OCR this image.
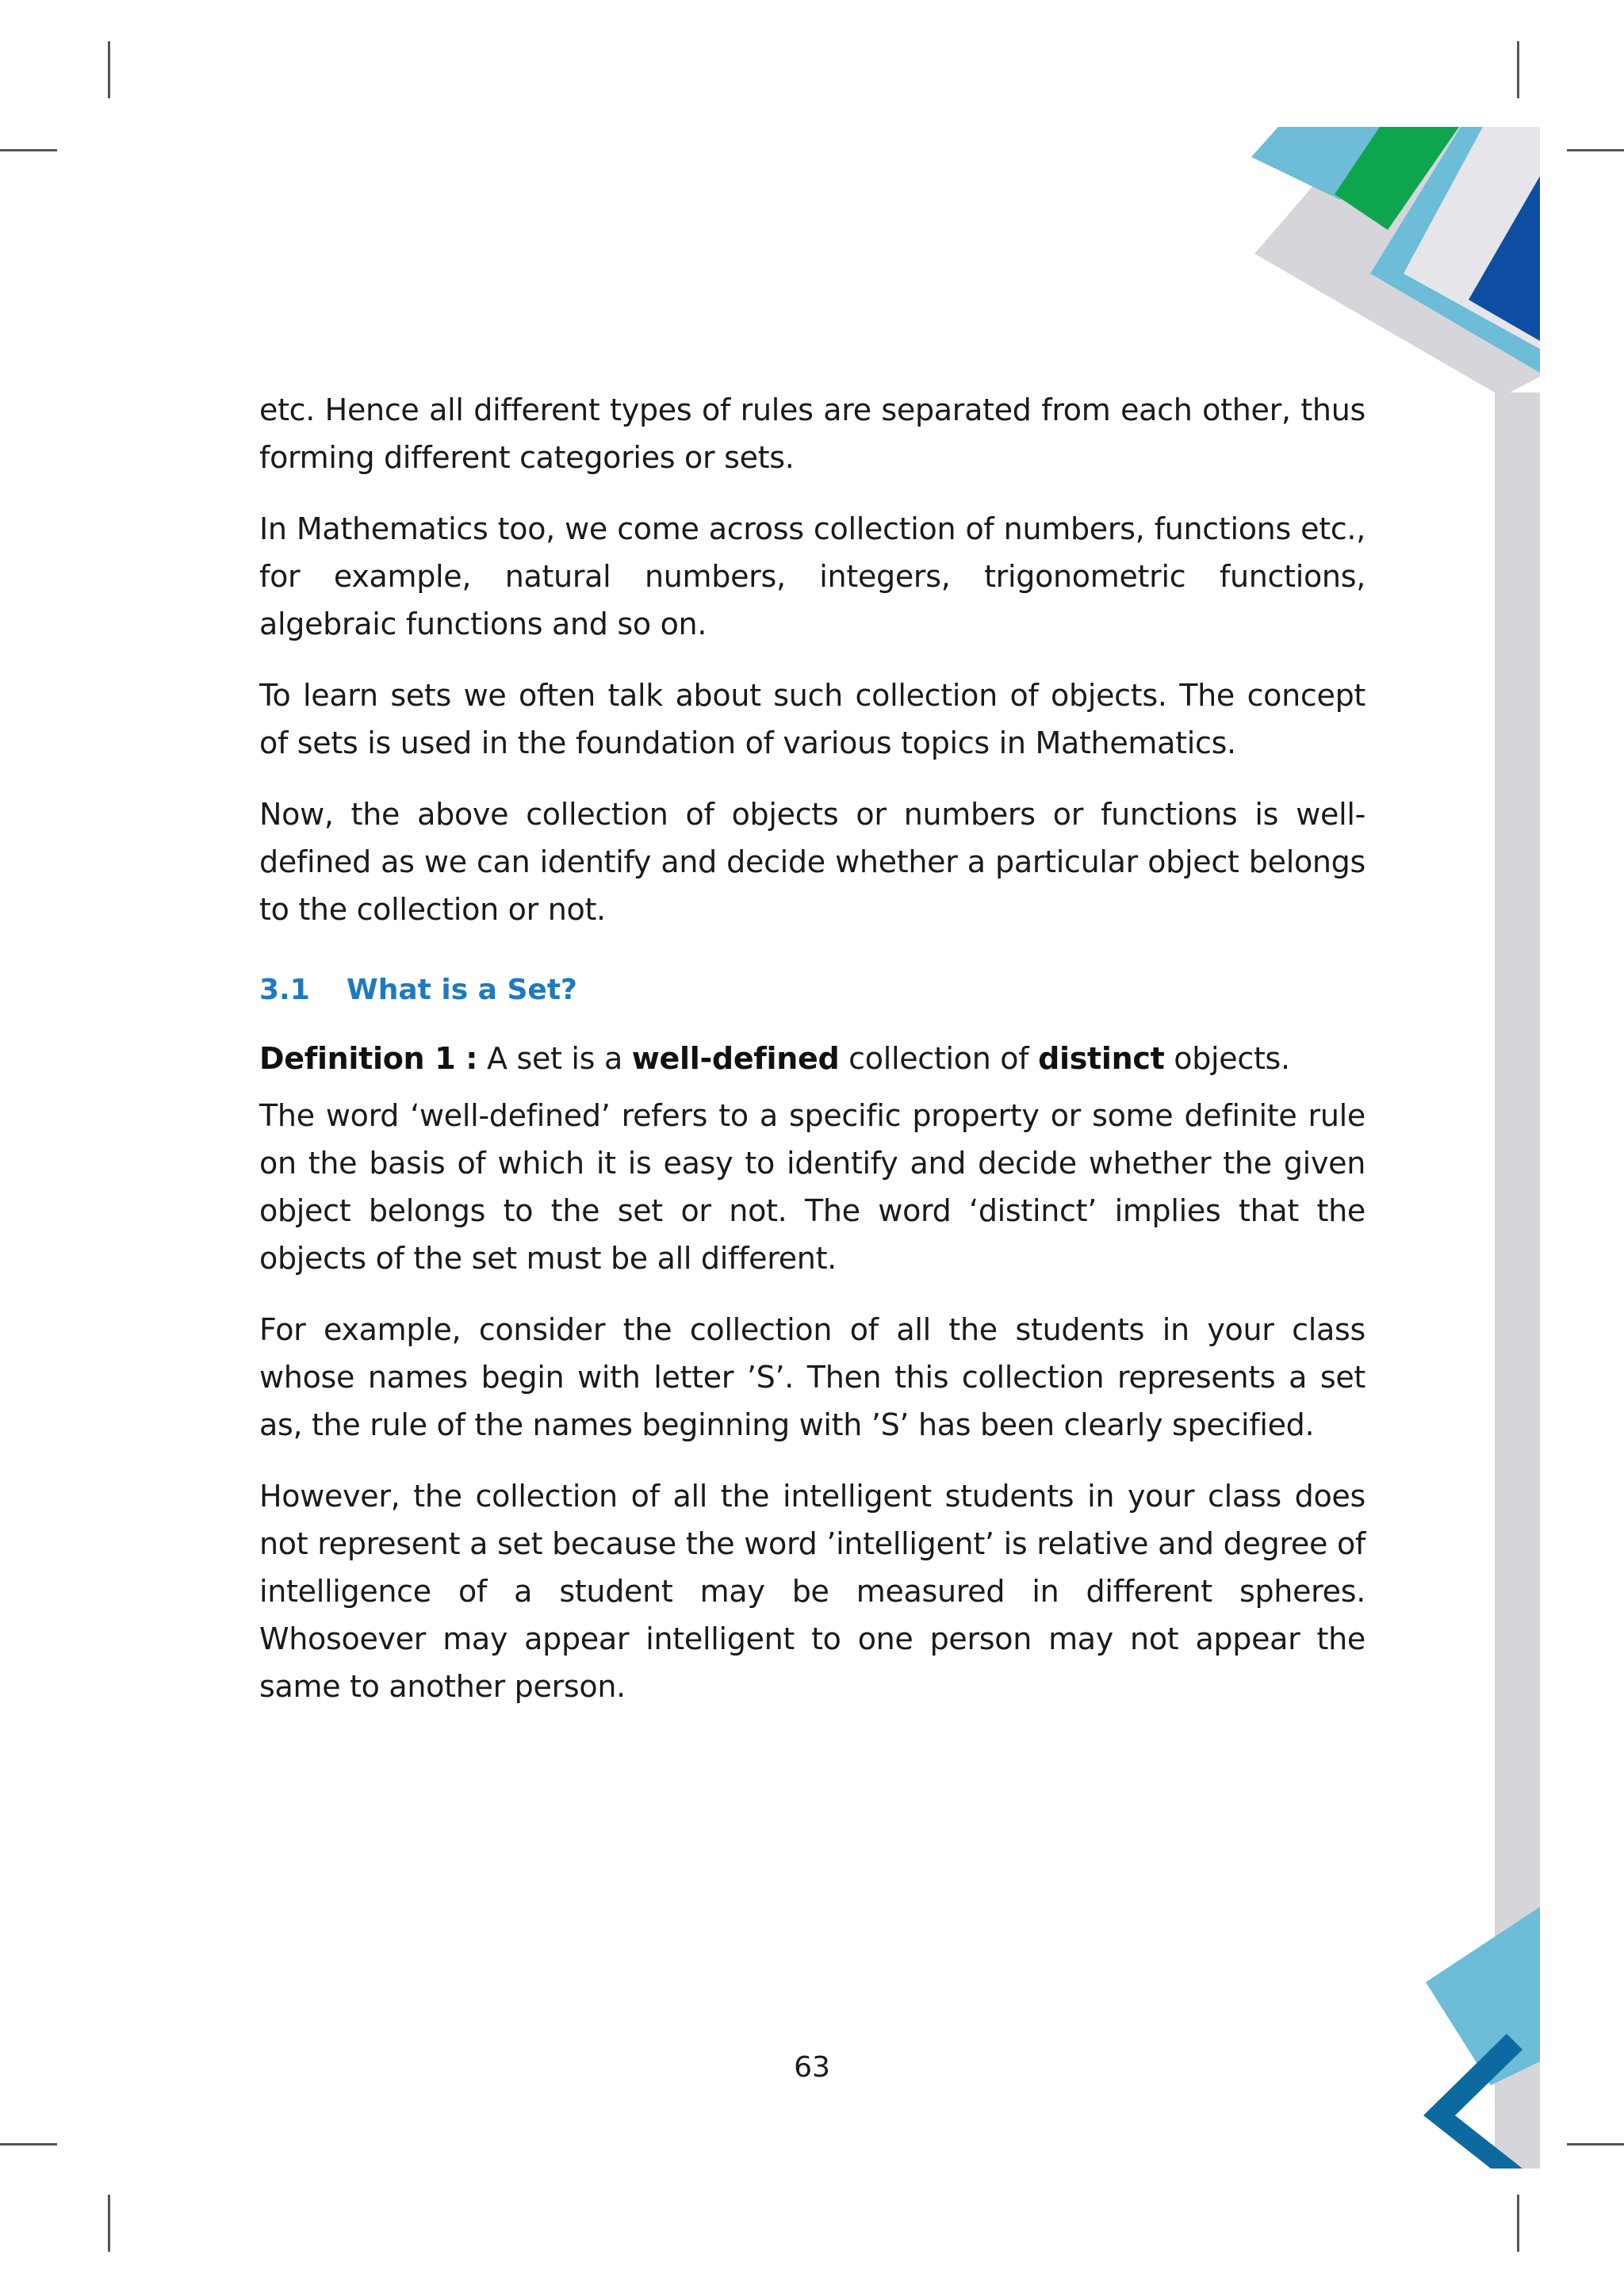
etc. Hence all different types of rules are separated from each other, thus forming different categories or sets.

In Mathematics too, we come across collection of numbers, functions etc., for example, natural numbers, integers, trigonometric functions, algebraic functions and so on.

To learn sets we often talk about such collection of objects. The concept of sets is used in the foundation of various topics in Mathematics.

Now, the above collection of objects or numbers or functions is well-defined as we can identify and decide whether a particular object belongs to the collection or not.

3.1 What is a Set?

Definition 1 : A set is a well-defined collection of distinct objects.

The word ‘well-defined’ refers to a specific property or some definite rule on the basis of which it is easy to identify and decide whether the given object belongs to the set or not. The word ‘distinct’ implies that the objects of the set must be all different.

For example, consider the collection of all the students in your class whose names begin with letter ’S’. Then this collection represents a set as, the rule of the names beginning with ’S’ has been clearly specified.

However, the collection of all the intelligent students in your class does not represent a set because the word ’intelligent’ is relative and degree of intelligence of a student may be measured in different spheres. Whosoever may appear intelligent to one person may not appear the same to another person.

63
